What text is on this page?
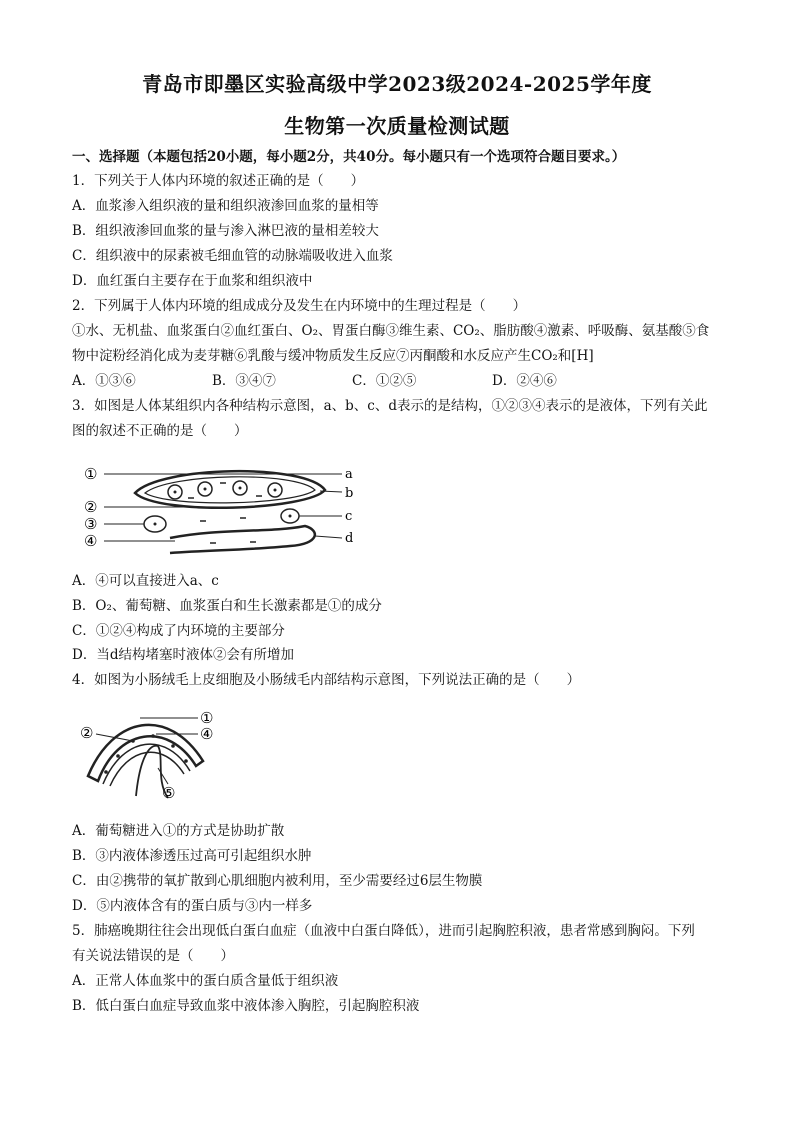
青岛市即墨区实验高级中学2023级2024-2025学年度
生物第一次质量检测试题
一、选择题（本题包括20小题，每小题2分，共40分。每小题只有一个选项符合题目要求。）
1．下列关于人体内环境的叙述正确的是（　　）
A．血浆渗入组织液的量和组织液渗回血浆的量相等
B．组织液渗回血浆的量与渗入淋巴液的量相差较大
C．组织液中的尿素被毛细血管的动脉端吸收进入血浆
D．血红蛋白主要存在于血浆和组织液中
2．下列属于人体内环境的组成成分及发生在内环境中的生理过程是（　　）
①水、无机盐、血浆蛋白②血红蛋白、O₂、胃蛋白酶③维生素、CO₂、脂肪酸④激素、呼吸酶、氨基酸⑤食
物中淀粉经消化成为麦芽糖⑥乳酸与缓冲物质发生反应⑦丙酮酸和水反应产生CO₂和[H]
A．①③⑥	B．③④⑦	C．①②⑤	D．②④⑥
3．如图是人体某组织内各种结构示意图，a、b、c、d表示的是结构，①②③④表示的是液体，下列有关此
图的叙述不正确的是（　　）
①
②
③
④
a
b
c
d
A．④可以直接进入a、c
B．O₂、葡萄糖、血浆蛋白和生长激素都是①的成分
C．①②④构成了内环境的主要部分
D．当d结构堵塞时液体②会有所增加
4．如图为小肠绒毛上皮细胞及小肠绒毛内部结构示意图，下列说法正确的是（　　）
①
④
②
⑤
A．葡萄糖进入①的方式是协助扩散
B．③内液体渗透压过高可引起组织水肿
C．由②携带的氧扩散到心肌细胞内被利用，至少需要经过6层生物膜
D．⑤内液体含有的蛋白质与③内一样多
5．肺癌晚期往往会出现低白蛋白血症（血液中白蛋白降低），进而引起胸腔积液，患者常感到胸闷。下列
有关说法错误的是（　　）
A．正常人体血浆中的蛋白质含量低于组织液
B．低白蛋白血症导致血浆中液体渗入胸腔，引起胸腔积液
